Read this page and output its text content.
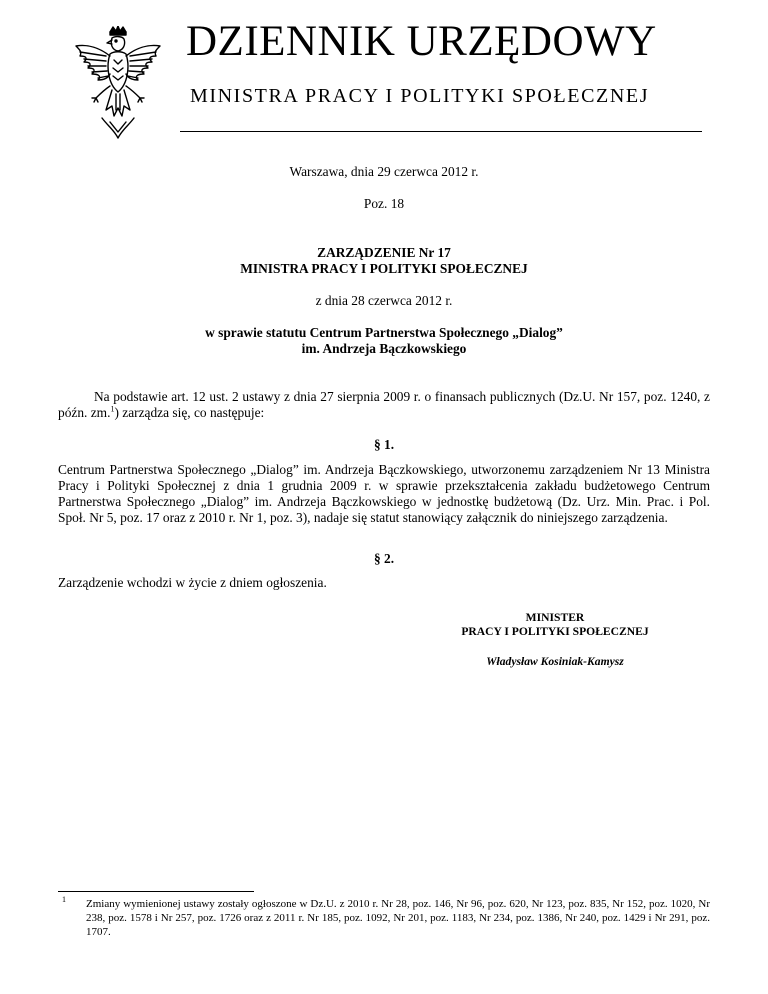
DZIENNIK URZĘDOWY
MINISTRA PRACY I POLITYKI SPOŁECZNEJ
Warszawa, dnia 29 czerwca 2012 r.
Poz. 18
ZARZĄDZENIE Nr 17
MINISTRA PRACY I POLITYKI SPOŁECZNEJ
z dnia 28 czerwca 2012 r.
w sprawie statutu Centrum Partnerstwa Społecznego „Dialog”
im. Andrzeja Bączkowskiego
Na podstawie art. 12 ust. 2 ustawy z dnia 27 sierpnia 2009 r. o finansach publicznych (Dz.U. Nr 157, poz. 1240, z późn. zm.$^1$) zarządza się, co następuje:
§ 1.
Centrum Partnerstwa Społecznego „Dialog” im. Andrzeja Bączkowskiego, utworzonemu zarządzeniem Nr 13 Ministra Pracy i Polityki Społecznej z dnia 1 grudnia 2009 r. w sprawie przekształcenia zakładu budżetowego Centrum Partnerstwa Społecznego „Dialog” im. Andrzeja Bączkowskiego w jednostkę budżetową (Dz. Urz. Min. Prac. i Pol. Społ. Nr 5, poz. 17 oraz z 2010 r. Nr 1, poz. 3), nadaje się statut stanowiący załącznik do niniejszego zarządzenia.
§ 2.
Zarządzenie wchodzi w życie z dniem ogłoszenia.
MINISTER
PRACY I POLITYKI SPOŁECZNEJ
Władysław Kosiniak-Kamysz
1 Zmiany wymienionej ustawy zostały ogłoszone w Dz.U. z 2010 r. Nr 28, poz. 146, Nr 96, poz. 620, Nr 123, poz. 835, Nr 152, poz. 1020, Nr 238, poz. 1578 i Nr 257, poz. 1726 oraz z 2011 r. Nr 185, poz. 1092, Nr 201, poz. 1183, Nr 234, poz. 1386, Nr 240, poz. 1429 i Nr 291, poz. 1707.
